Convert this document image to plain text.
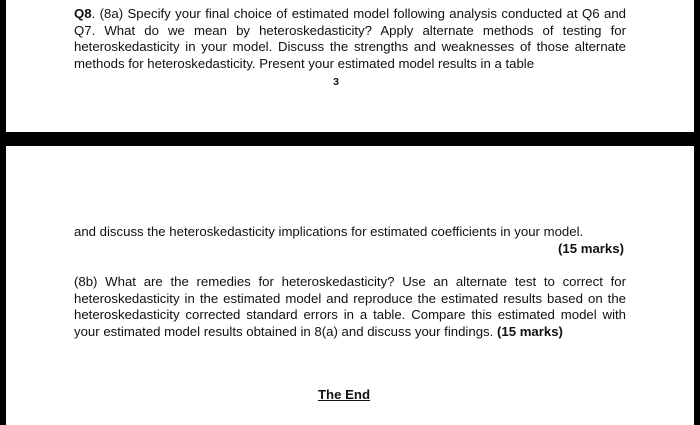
Q8. (8a) Specify your final choice of estimated model following analysis conducted at Q6 and Q7. What do we mean by heteroskedasticity? Apply alternate methods of testing for heteroskedasticity in your model. Discuss the strengths and weaknesses of those alternate methods for heteroskedasticity. Present your estimated model results in a table

3

and discuss the heteroskedasticity implications for estimated coefficients in your model.

(15 marks)

(8b) What are the remedies for heteroskedasticity? Use an alternate test to correct for heteroskedasticity in the estimated model and reproduce the estimated results based on the heteroskedasticity corrected standard errors in a table. Compare this estimated model with your estimated model results obtained in 8(a) and discuss your findings. (15 marks)

The End
